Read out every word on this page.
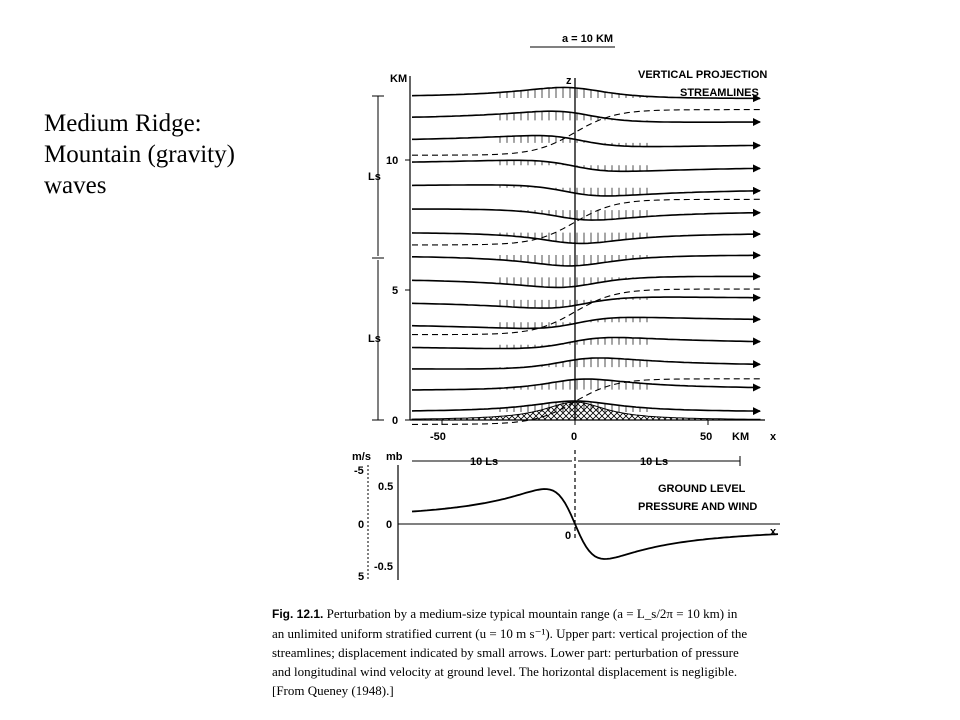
Medium Ridge:
Mountain (gravity)
waves
a = 10 KM
KM
0
5
10
Ls
Ls
z	VERTICAL PROJECTION
STREAMLINES
-50	0	50 KM x
m/s mb
-5
0
5
0.5
0
-0.5
x
0
10 Ls	10 Ls
GROUND LEVEL
PRESSURE AND WIND
Fig. 12.1. Perturbation by a medium-size typical mountain range (a = L_s/2π = 10 km) in
an unlimited uniform stratified current (u = 10 m s⁻¹). Upper part: vertical projection of the
streamlines; displacement indicated by small arrows. Lower part: perturbation of pressure
and longitudinal wind velocity at ground level. The horizontal displacement is negligible.
[From Queney (1948).]
